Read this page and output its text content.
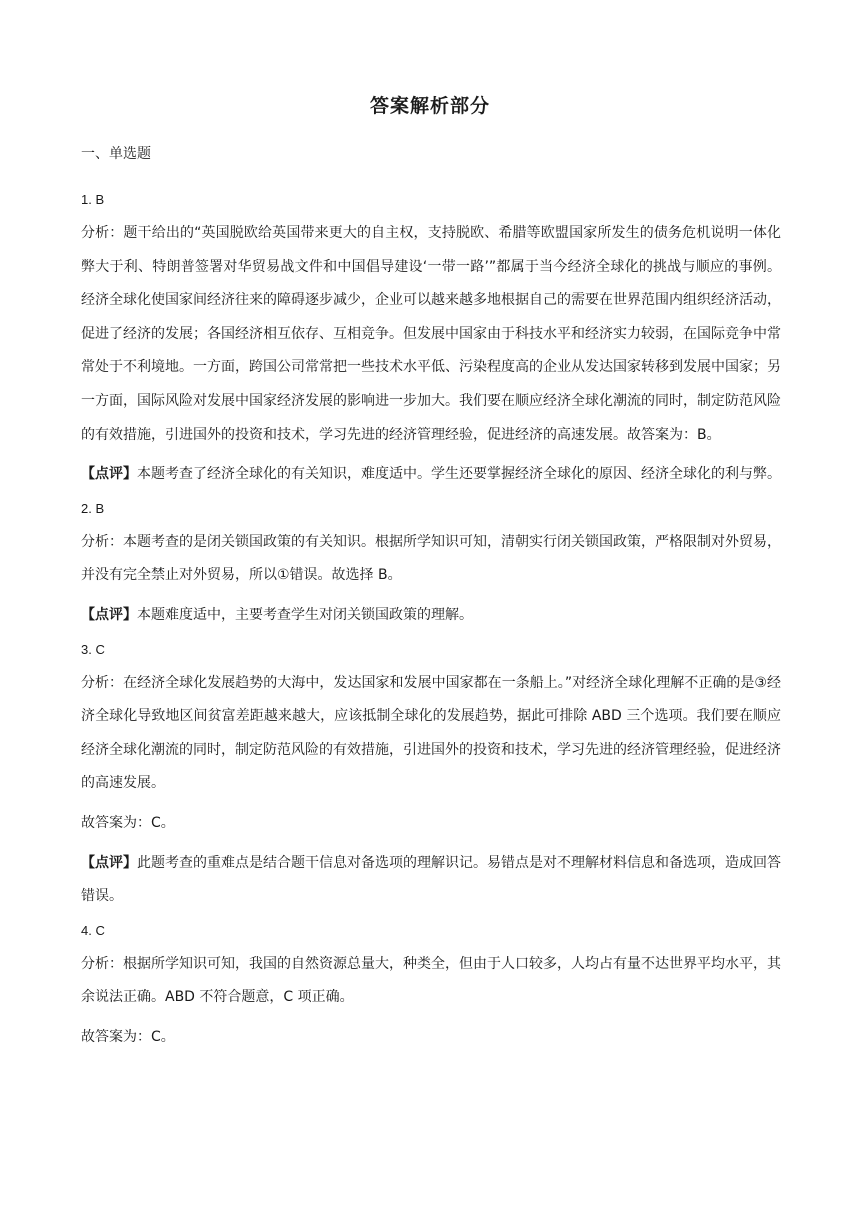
答案解析部分
一、单选题
1. B

分析：题干给出的“英国脱欧给英国带来更大的自主权，支持脱欧、希腊等欧盟国家所发生的债务危机说明一体化弊大于利、特朗普签署对华贸易战文件和中国倡导建设‘一带一路’”都属于当今经济全球化的挑战与顺应的事例。经济全球化使国家间经济往来的障碍逐步减少，企业可以越来越多地根据自己的需要在世界范围内组织经济活动，促进了经济的发展；各国经济相互依存、互相竞争。但发展中国家由于科技水平和经济实力较弱，在国际竞争中常常处于不利境地。一方面，跨国公司常常把一些技术水平低、污染程度高的企业从发达国家转移到发展中国家；另一方面，国际风险对发展中国家经济发展的影响进一步加大。我们要在顺应经济全球化潮流的同时，制定防范风险的有效措施，引进国外的投资和技术，学习先进的经济管理经验，促进经济的高速发展。故答案为：B。

【点评】本题考查了经济全球化的有关知识，难度适中。学生还要掌握经济全球化的原因、经济全球化的利与弊。

2. B

分析：本题考查的是闭关锁国政策的有关知识。根据所学知识可知，清朝实行闭关锁国政策，严格限制对外贸易，并没有完全禁止对外贸易，所以①错误。故选择 B。

【点评】本题难度适中，主要考查学生对闭关锁国政策的理解。

3. C

分析：在经济全球化发展趋势的大海中，发达国家和发展中国家都在一条船上。”对经济全球化理解不正确的是③经济全球化导致地区间贫富差距越来越大，应该抵制全球化的发展趋势，据此可排除 ABD 三个选项。我们要在顺应经济全球化潮流的同时，制定防范风险的有效措施，引进国外的投资和技术，学习先进的经济管理经验，促进经济的高速发展。

故答案为：C。

【点评】此题考查的重难点是结合题干信息对备选项的理解识记。易错点是对不理解材料信息和备选项，造成回答错误。

4. C

分析：根据所学知识可知，我国的自然资源总量大，种类全，但由于人口较多，人均占有量不达世界平均水平，其余说法正确。ABD 不符合题意，C 项正确。

故答案为：C。
